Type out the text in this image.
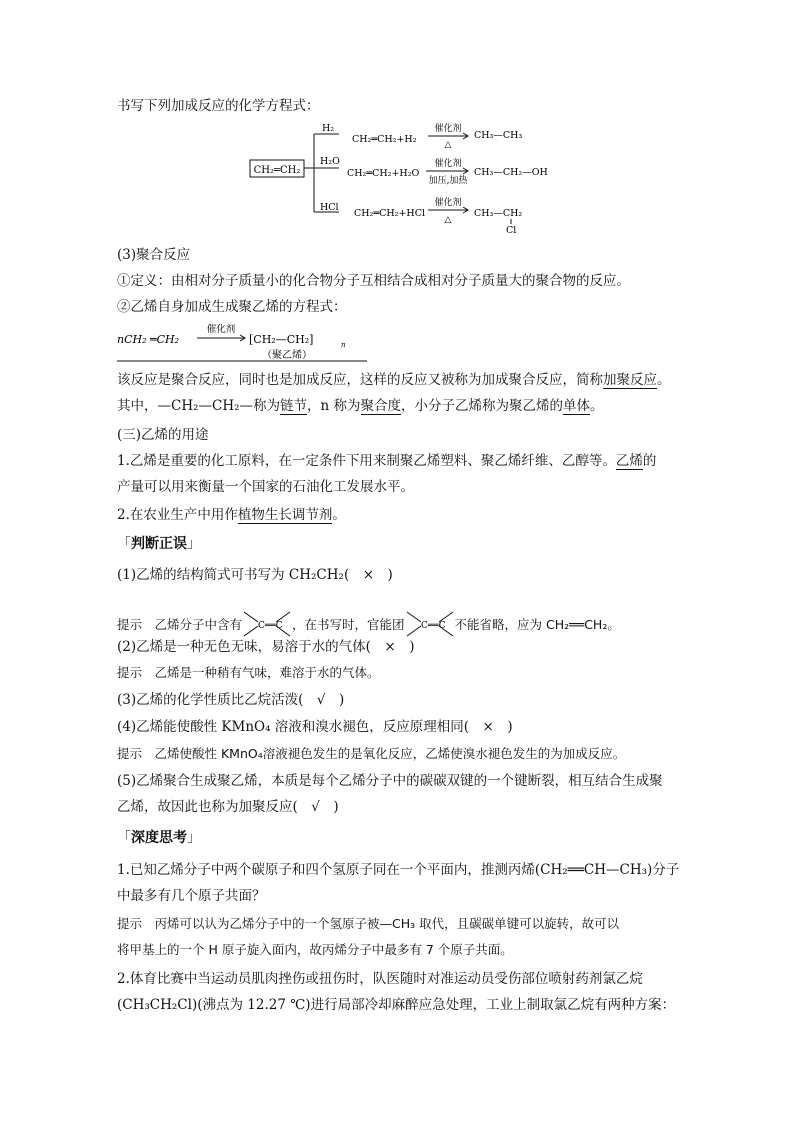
书写下列加成反应的化学方程式：
CH₂═CH₂
H₂
CH₂═CH₂+H₂
催化剂
△
CH₃—CH₃
H₂O
CH₂═CH₂+H₂O
催化剂
加压,加热
CH₃—CH₂—OH
HCl
CH₂═CH₂+HCl
催化剂
△
CH₃—CH₂
Cl
(3)聚合反应
①定义：由相对分子质量小的化合物分子互相结合成相对分子质量大的聚合物的反应。
②乙烯自身加成生成聚乙烯的方程式：
nCH₂ ═CH₂
催化剂
[CH₂—CH₂]	n
（聚乙烯）
该反应是聚合反应，同时也是加成反应，这样的反应又被称为加成聚合反应，简称加聚反应。
其中，—CH₂—CH₂—称为链节，n 称为聚合度，小分子乙烯称为聚乙烯的单体。
(三)乙烯的用途
1.乙烯是重要的化工原料，在一定条件下用来制聚乙烯塑料、聚乙烯纤维、乙醇等。乙烯的
产量可以用来衡量一个国家的石油化工发展水平。
2.在农业生产中用作植物生长调节剂。
「 判断正误 」
(1)乙烯的结构简式可书写为 CH₂CH₂(　×　)
提示　乙烯分子中含有 C══C ，在书写时，官能团 C══C 不能省略，应为 CH₂══CH₂。
(2)乙烯是一种无色无味，易溶于水的气体(　×　)
提示　乙烯是一种稍有气味，难溶于水的气体。
(3)乙烯的化学性质比乙烷活泼(　√　)
(4)乙烯能使酸性 KMnO₄ 溶液和溴水褪色，反应原理相同(　×　)
提示　乙烯使酸性 KMnO₄溶液褪色发生的是氧化反应，乙烯使溴水褪色发生的为加成反应。
(5)乙烯聚合生成聚乙烯，本质是每个乙烯分子中的碳碳双键的一个键断裂，相互结合生成聚
乙烯，故因此也称为加聚反应(　√　)
「 深度思考 」
1.已知乙烯分子中两个碳原子和四个氢原子同在一个平面内，推测丙烯(CH₂══CH—CH₃)分子
中最多有几个原子共面？
提示　丙烯可以认为乙烯分子中的一个氢原子被—CH₃ 取代，且碳碳单键可以旋转，故可以
将甲基上的一个 H 原子旋入面内，故丙烯分子中最多有 7 个原子共面。
2.体育比赛中当运动员肌肉挫伤或扭伤时，队医随时对准运动员受伤部位喷射药剂氯乙烷
(CH₃CH₂Cl)(沸点为 12.27 ℃)进行局部冷却麻醉应急处理，工业上制取氯乙烷有两种方案：
